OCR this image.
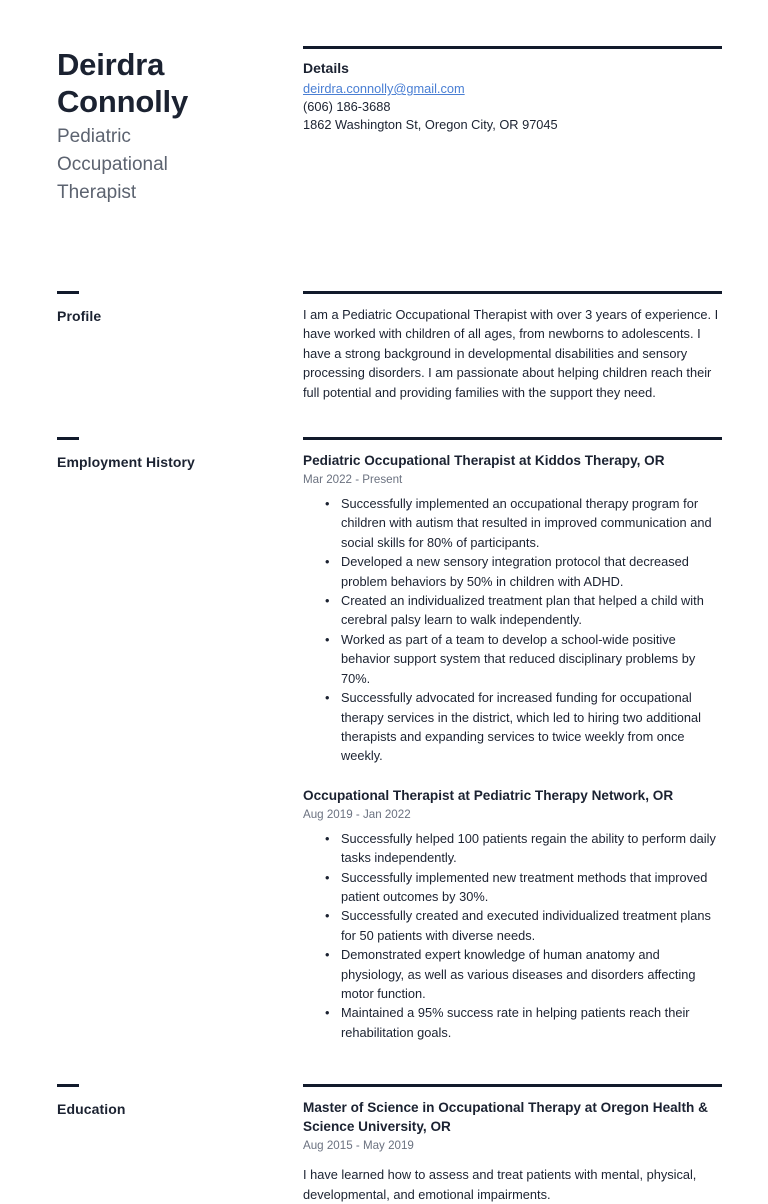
Deirdra
Connolly
Pediatric
Occupational
Therapist
Details
deirdra.connolly@gmail.com
(606) 186-3688
1862 Washington St, Oregon City, OR 97045
Profile	I am a Pediatric Occupational Therapist with over 3 years of experience. I have worked with children of all ages, from newborns to adolescents. I have a strong background in developmental disabilities and sensory processing disorders. I am passionate about helping children reach their full potential and providing families with the support they need.

Employment History	Pediatric Occupational Therapist at Kiddos Therapy, OR
Mar 2022 - Present
• Successfully implemented an occupational therapy program for children with autism that resulted in improved communication and social skills for 80% of participants.
• Developed a new sensory integration protocol that decreased problem behaviors by 50% in children with ADHD.
• Created an individualized treatment plan that helped a child with cerebral palsy learn to walk independently.
• Worked as part of a team to develop a school-wide positive behavior support system that reduced disciplinary problems by 70%.
• Successfully advocated for increased funding for occupational therapy services in the district, which led to hiring two additional therapists and expanding services to twice weekly from once weekly.
Occupational Therapist at Pediatric Therapy Network, OR
Aug 2019 - Jan 2022
• Successfully helped 100 patients regain the ability to perform daily tasks independently.
• Successfully implemented new treatment methods that improved patient outcomes by 30%.
• Successfully created and executed individualized treatment plans for 50 patients with diverse needs.
• Demonstrated expert knowledge of human anatomy and physiology, as well as various diseases and disorders affecting motor function.
• Maintained a 95% success rate in helping patients reach their rehabilitation goals.
Education	Master of Science in Occupational Therapy at Oregon Health & Science University, OR
Aug 2015 - May 2019
I have learned how to assess and treat patients with mental, physical, developmental, and emotional impairments.
